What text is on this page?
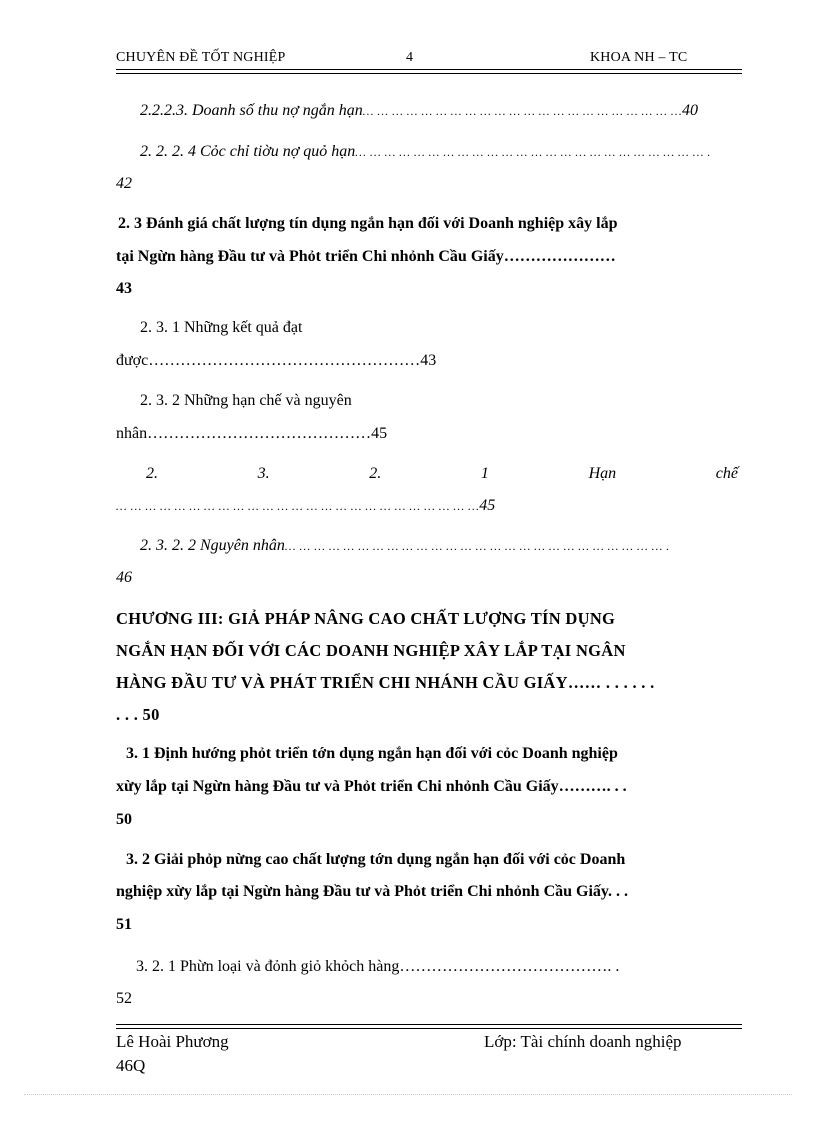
CHUYÊN ĐỀ TỐT NGHIỆP	4	KHOA NH – TC
2.2.2.3. Doanh số thu nợ ngắn hạn… … … … … … … … … … … … … … … … … … … … … …40
2. 2. 2. 4 Cỏc chỉ tiờu nợ quỏ hạn… … … … … … … … … … … … … … … … … … … … … … … … .
42
2. 3 Đánh giá chất lượng tín dụng ngắn hạn đối với Doanh nghiệp xây lắp
tại Ngừn hàng Đầu tư và Phỏt triển Chi nhỏnh Cầu Giấy…………………
43
2. 3. 1 Những kết quả đạt
được……………………………………………43
2. 3. 2 Những hạn chế và nguyên
nhân……………………………………45
2.	3.	2.	1	Hạn	chế
… … … … … … … … … … … … … … … … … … … … … … … … …45
2. 3. 2. 2 Nguyên nhân… … … … … … … … … … … … … … … … … … … … … … … … … … .
46
CHƯƠNG III: GIẢ PHÁP NÂNG CAO CHẤT LƯỢNG TÍN DỤNG
NGẮN HẠN ĐỐI VỚI CÁC DOANH NGHIỆP XÂY LẮP TẠI NGÂN
HÀNG ĐẦU TƯ VÀ PHÁT TRIỂN CHI NHÁNH CẦU GIẤY…… . . . . . .
. . . 50
3. 1 Định hướng phỏt triển tớn dụng ngắn hạn đối với cỏc Doanh nghiệp
xừy lắp tại Ngừn hàng Đầu tư và Phỏt triển Chi nhỏnh Cầu Giấy………. . .
50
3. 2 Giải phỏp nừng cao chất lượng tớn dụng ngắn hạn đối với cỏc Doanh
nghiệp xừy lắp tại Ngừn hàng Đầu tư và Phỏt triển Chi nhỏnh Cầu Giấy. . .
51
3. 2. 1 Phừn loại và đỏnh giỏ khỏch hàng…………………………………. .
52
Lê Hoài Phương	Lớp: Tài chính doanh nghiệp
46Q
